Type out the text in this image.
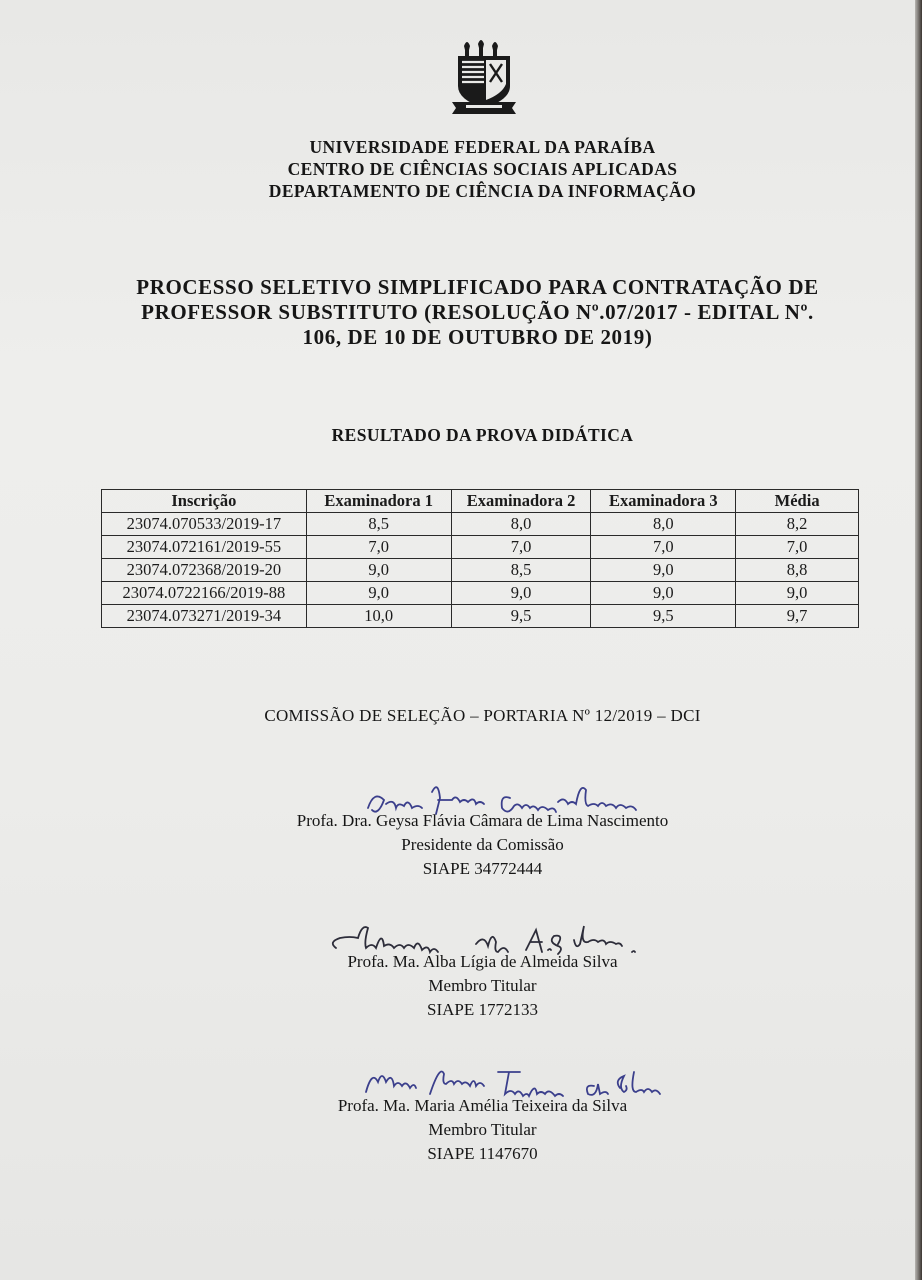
UNIVERSIDADE FEDERAL DA PARAÍBA
CENTRO DE CIÊNCIAS SOCIAIS APLICADAS
DEPARTAMENTO DE CIÊNCIA DA INFORMAÇÃO
PROCESSO SELETIVO SIMPLIFICADO PARA CONTRATAÇÃO DE
PROFESSOR SUBSTITUTO (RESOLUÇÃO Nº.07/2017 - EDITAL Nº.
106, DE 10 DE OUTUBRO DE 2019)
RESULTADO DA PROVA DIDÁTICA
Inscrição	Examinadora 1	Examinadora 2	Examinadora 3	Média
23074.070533/2019-17	8,5	8,0	8,0	8,2
23074.072161/2019-55	7,0	7,0	7,0	7,0
23074.072368/2019-20	9,0	8,5	9,0	8,8
23074.0722166/2019-88	9,0	9,0	9,0	9,0
23074.073271/2019-34	10,0	9,5	9,5	9,7
COMISSÃO DE SELEÇÃO – PORTARIA Nº 12/2019 – DCI
Profa. Dra. Geysa Flávia Câmara de Lima Nascimento
Presidente da Comissão
SIAPE 34772444
Profa. Ma. Alba Lígia de Almeida Silva
Membro Titular
SIAPE 1772133
Profa. Ma. Maria Amélia Teixeira da Silva
Membro Titular
SIAPE 1147670
